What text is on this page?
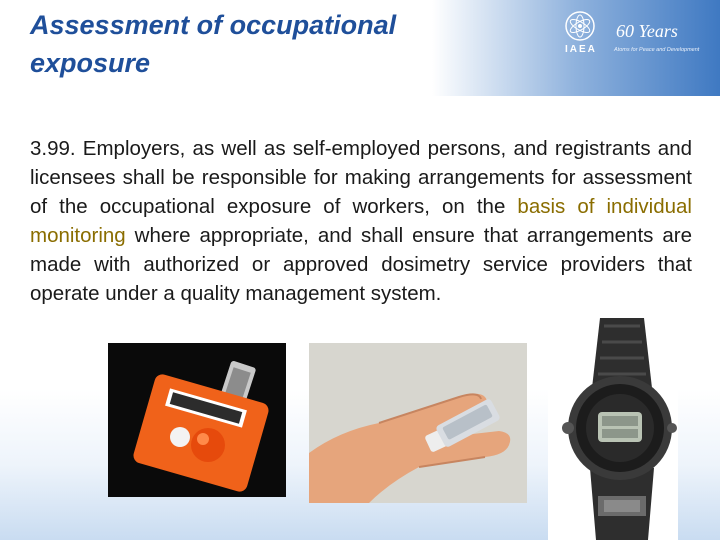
Assessment of occupational exposure
60 Years
IAEA	Atoms for Peace and Development

3.99. Employers, as well as self-employed persons, and registrants and licensees shall be responsible for making arrangements for assessment of the occupational exposure of workers, on the basis of individual monitoring where appropriate, and shall ensure that arrangements are made with authorized or approved dosimetry service providers that operate under a quality management system.
